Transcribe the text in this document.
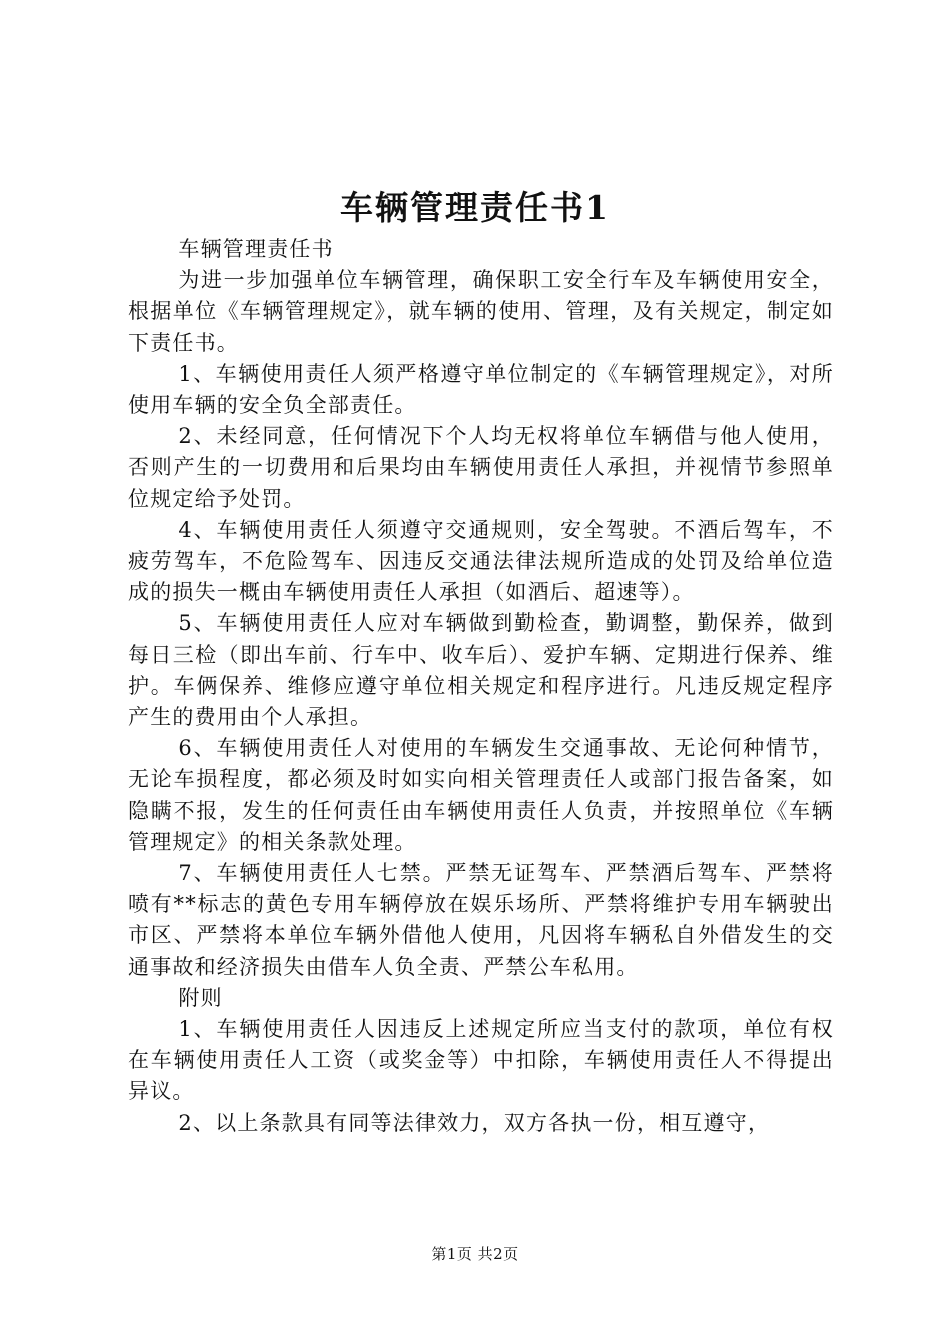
车辆管理责任书1

车辆管理责任书

为进一步加强单位车辆管理，确保职工安全行车及车辆使用安全，根据单位《车辆管理规定》，就车辆的使用、管理，及有关规定，制定如下责任书。

1、车辆使用责任人须严格遵守单位制定的《车辆管理规定》，对所使用车辆的安全负全部责任。

2、未经同意，任何情况下个人均无权将单位车辆借与他人使用，否则产生的一切费用和后果均由车辆使用责任人承担，并视情节参照单位规定给予处罚。

4、车辆使用责任人须遵守交通规则，安全驾驶。不酒后驾车，不疲劳驾车，不危险驾车、因违反交通法律法规所造成的处罚及给单位造成的损失一概由车辆使用责任人承担（如酒后、超速等）。

5、车辆使用责任人应对车辆做到勤检查，勤调整，勤保养，做到每日三检（即出车前、行车中、收车后）、爱护车辆、定期进行保养、维护。车俩保养、维修应遵守单位相关规定和程序进行。凡违反规定程序产生的费用由个人承担。

6、车辆使用责任人对使用的车辆发生交通事故、无论何种情节，无论车损程度，都必须及时如实向相关管理责任人或部门报告备案，如隐瞒不报，发生的任何责任由车辆使用责任人负责，并按照单位《车辆管理规定》的相关条款处理。

7、车辆使用责任人七禁。严禁无证驾车、严禁酒后驾车、严禁将喷有**标志的黄色专用车辆停放在娱乐场所、严禁将维护专用车辆驶出市区、严禁将本单位车辆外借他人使用，凡因将车辆私自外借发生的交通事故和经济损失由借车人负全责、严禁公车私用。

附则

1、车辆使用责任人因违反上述规定所应当支付的款项，单位有权在车辆使用责任人工资（或奖金等）中扣除，车辆使用责任人不得提出异议。

2、以上条款具有同等法律效力，双方各执一份，相互遵守，

第1页 共2页
